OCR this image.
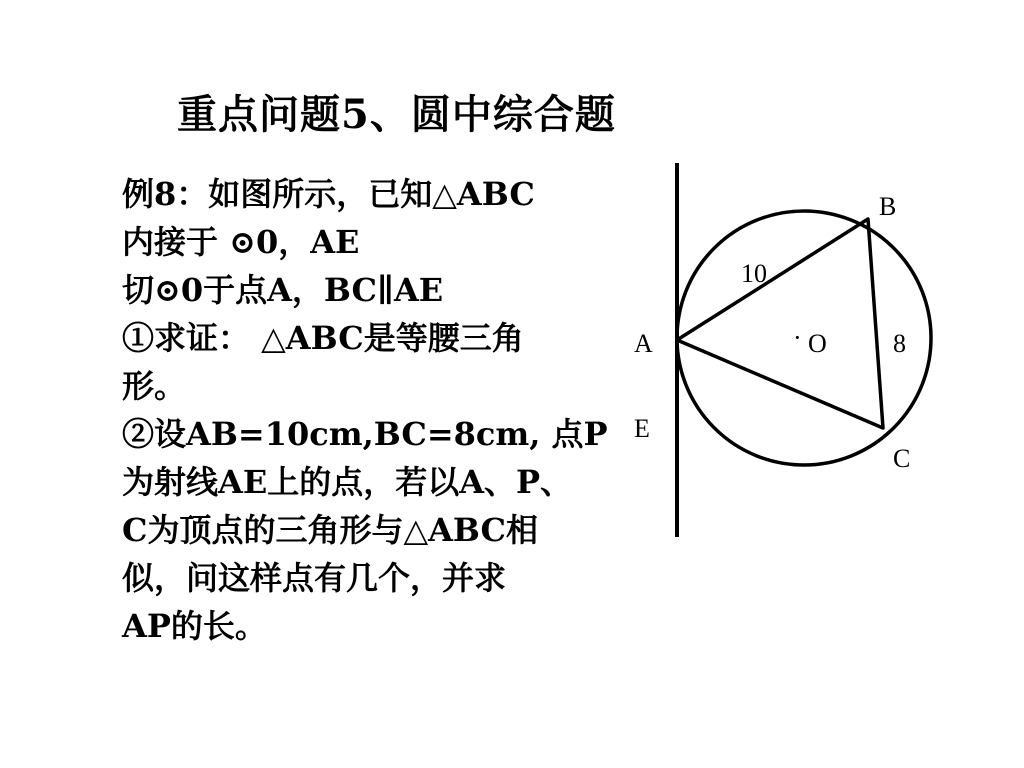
重点问题5、圆中综合题
例8：如图所示，已知△ABC
内接于 ⊙0，AE
切⊙0于点A，BC∥AE
①求证： △ABC是等腰三角
形。
②设AB=10cm,BC=8cm, 点P
为射线AE上的点，若以A、P、
C为顶点的三角形与△ABC相
似，问这样点有几个，并求
AP的长。
B
A
E
C
· O
10
8
